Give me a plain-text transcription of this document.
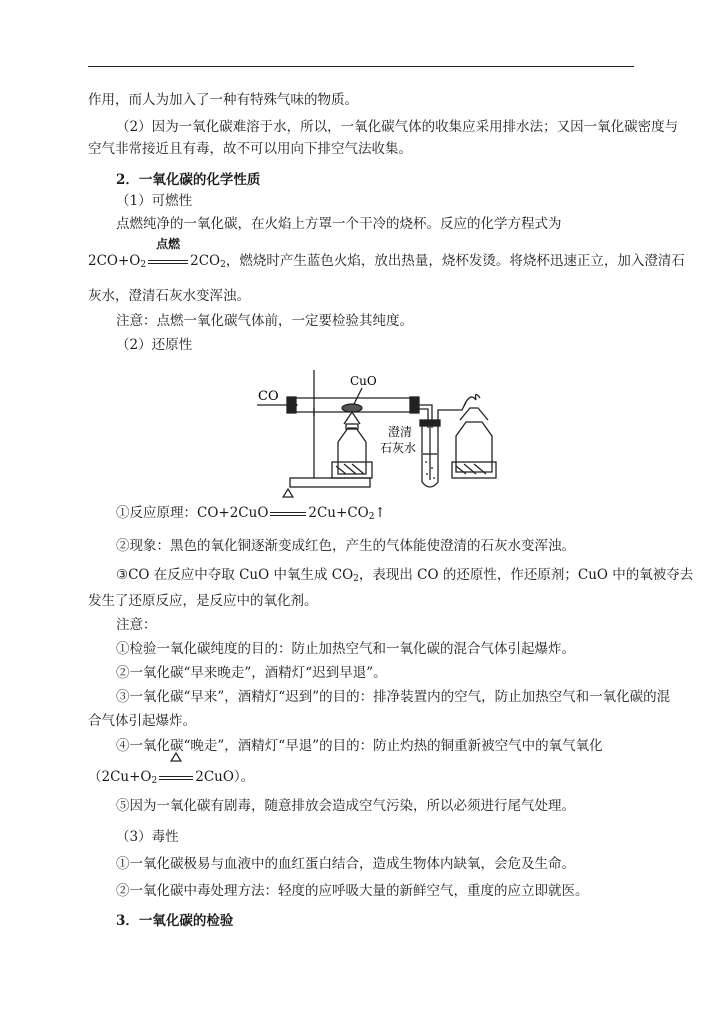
作用，而人为加入了一种有特殊气味的物质。
（2）因为一氧化碳难溶于水，所以，一氧化碳气体的收集应采用排水法；又因一氧化碳密度与
空气非常接近且有毒，故不可以用向下排空气法收集。
2．一氧化碳的化学性质
（1）可燃性
点燃纯净的一氧化碳，在火焰上方罩一个干冷的烧杯。反应的化学方程式为
$2CO+O_2$
点燃
$2CO_2$，燃烧时产生蓝色火焰，放出热量，烧杯发烫。将烧杯迅速正立，加入澄清石
灰水，澄清石灰水变浑浊。
注意：点燃一氧化碳气体前，一定要检验其纯度。
（2）还原性
CO
CuO
澄清
石灰水
①反应原理：CO+2CuO	$2Cu+CO_2↑$
②现象：黑色的氧化铜逐渐变成红色，产生的气体能使澄清的石灰水变浑浊。
③CO 在反应中夺取 CuO 中氧生成 $CO_2$，表现出 CO 的还原性，作还原剂；CuO 中的氧被夺去
发生了还原反应，是反应中的氧化剂。
注意：
①检验一氧化碳纯度的目的：防止加热空气和一氧化碳的混合气体引起爆炸。
②一氧化碳“早来晚走”，酒精灯“迟到早退”。
③一氧化碳“早来”，酒精灯“迟到”的目的：排净装置内的空气，防止加热空气和一氧化碳的混
合气体引起爆炸。
④一氧化碳“晚走”，酒精灯“早退”的目的：防止灼热的铜重新被空气中的氧气氧化
（$2Cu+O_2$	2CuO）。
⑤因为一氧化碳有剧毒，随意排放会造成空气污染，所以必须进行尾气处理。
（3）毒性
①一氧化碳极易与血液中的血红蛋白结合，造成生物体内缺氧，会危及生命。
②一氧化碳中毒处理方法：轻度的应呼吸大量的新鲜空气，重度的应立即就医。
3．一氧化碳的检验
